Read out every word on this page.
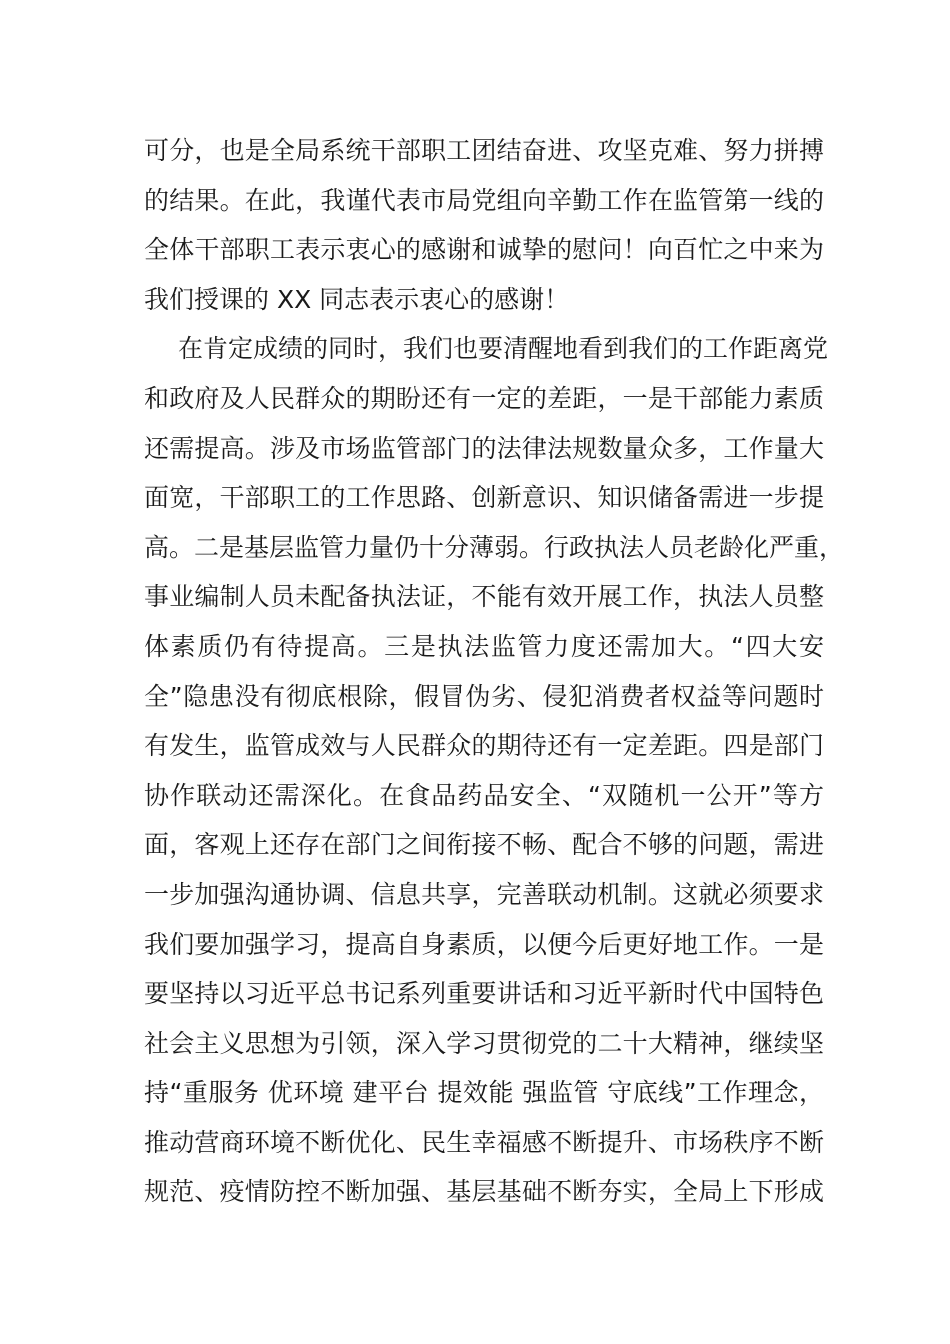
可分，也是全局系统干部职工团结奋进、攻坚克难、努力拼搏
的结果。在此，我谨代表市局党组向辛勤工作在监管第一线的
全体干部职工表示衷心的感谢和诚挚的慰问！向百忙之中来为
我们授课的 XX 同志表示衷心的感谢！
在肯定成绩的同时，我们也要清醒地看到我们的工作距离党
和政府及人民群众的期盼还有一定的差距，一是干部能力素质
还需提高。涉及市场监管部门的法律法规数量众多，工作量大
面宽，干部职工的工作思路、创新意识、知识储备需进一步提
高。二是基层监管力量仍十分薄弱。行政执法人员老龄化严重，
事业编制人员未配备执法证，不能有效开展工作，执法人员整
体素质仍有待提高。三是执法监管力度还需加大。“四大安
全”隐患没有彻底根除，假冒伪劣、侵犯消费者权益等问题时
有发生，监管成效与人民群众的期待还有一定差距。四是部门
协作联动还需深化。在食品药品安全、“双随机一公开”等方
面，客观上还存在部门之间衔接不畅、配合不够的问题，需进
一步加强沟通协调、信息共享，完善联动机制。这就必须要求
我们要加强学习，提高自身素质，以便今后更好地工作。一是
要坚持以习近平总书记系列重要讲话和习近平新时代中国特色
社会主义思想为引领，深入学习贯彻党的二十大精神，继续坚
持“重服务 优环境 建平台 提效能 强监管 守底线”工作理念，
推动营商环境不断优化、民生幸福感不断提升、市场秩序不断
规范、疫情防控不断加强、基层基础不断夯实，全局上下形成
